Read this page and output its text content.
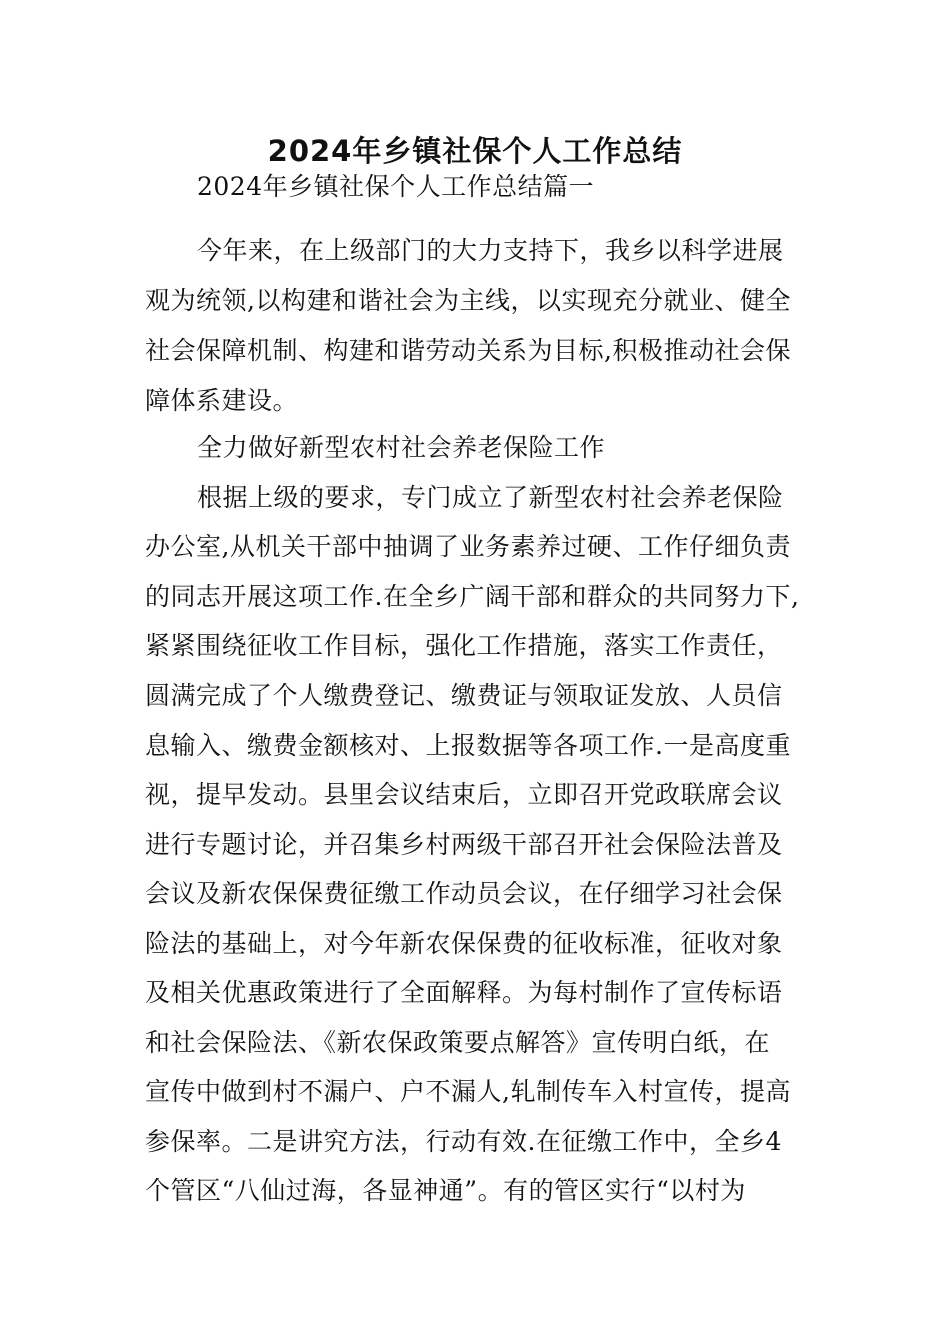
2024年乡镇社保个人工作总结
2024年乡镇社保个人工作总结篇一
今年来，在上级部门的大力支持下，我乡以科学进展
观为统领,以构建和谐社会为主线，以实现充分就业、健全
社会保障机制、构建和谐劳动关系为目标,积极推动社会保
障体系建设。
全力做好新型农村社会养老保险工作
根据上级的要求，专门成立了新型农村社会养老保险
办公室,从机关干部中抽调了业务素养过硬、工作仔细负责
的同志开展这项工作.在全乡广阔干部和群众的共同努力下,
紧紧围绕征收工作目标，强化工作措施，落实工作责任，
圆满完成了个人缴费登记、缴费证与领取证发放、人员信
息输入、缴费金额核对、上报数据等各项工作.一是高度重
视，提早发动。县里会议结束后，立即召开党政联席会议
进行专题讨论，并召集乡村两级干部召开社会保险法普及
会议及新农保保费征缴工作动员会议，在仔细学习社会保
险法的基础上，对今年新农保保费的征收标准，征收对象
及相关优惠政策进行了全面解释。为每村制作了宣传标语
和社会保险法、《新农保政策要点解答》宣传明白纸，在
宣传中做到村不漏户、户不漏人,轧制传车入村宣传，提高
参保率。二是讲究方法，行动有效.在征缴工作中，全乡4
个管区“八仙过海，各显神通”。有的管区实行“以村为
